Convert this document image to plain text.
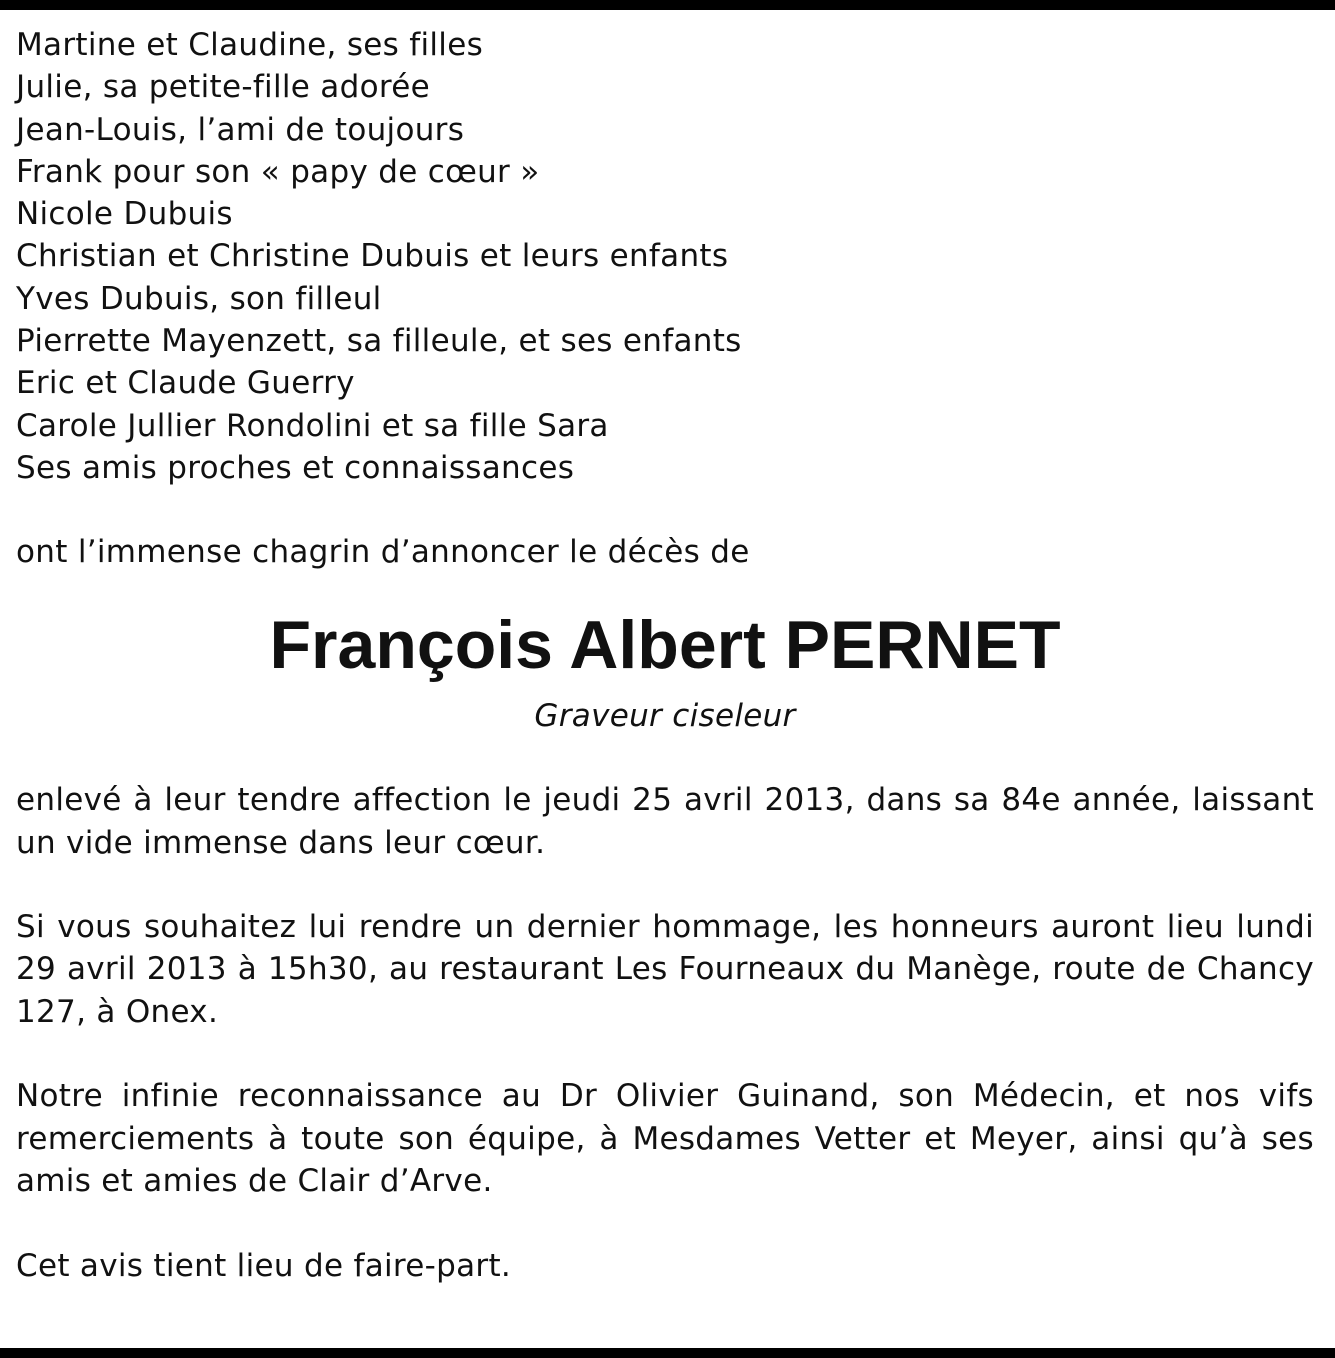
Martine et Claudine, ses filles
Julie, sa petite-fille adorée
Jean-Louis, l’ami de toujours
Frank pour son « papy de cœur »
Nicole Dubuis
Christian et Christine Dubuis et leurs enfants
Yves Dubuis, son filleul
Pierrette Mayenzett, sa filleule, et ses enfants
Eric et Claude Guerry
Carole Jullier Rondolini et sa fille Sara
Ses amis proches et connaissances

ont l’immense chagrin d’annoncer le décès de

François Albert PERNET

Graveur ciseleur

enlevé à leur tendre affection le jeudi 25 avril 2013, dans sa 84e année, laissant un vide immense dans leur cœur.

Si vous souhaitez lui rendre un dernier hommage, les honneurs auront lieu lundi 29 avril 2013 à 15h30, au restaurant Les Fourneaux du Manège, route de Chancy 127, à Onex.

Notre infinie reconnaissance au Dr Olivier Guinand, son Médecin, et nos vifs remerciements à toute son équipe, à Mesdames Vetter et Meyer, ainsi qu’à ses amis et amies de Clair d’Arve.

Cet avis tient lieu de faire-part.
